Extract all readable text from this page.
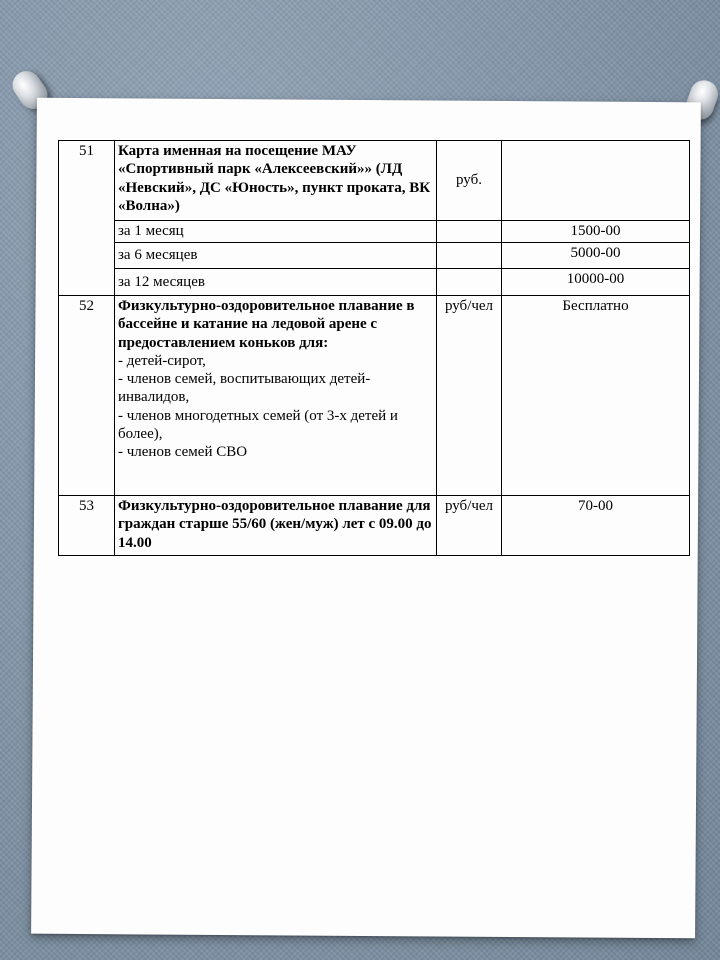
51	Карта именная на посещение МАУ «Спортивный парк «Алексеевский»» (ЛД «Невский», ДС «Юность», пункт проката, ВК «Волна»)	руб.	
	за 1 месяц		1500-00
	за 6 месяцев		5000-00
	за 12 месяцев		10000-00
52	Физкультурно-оздоровительное плавание в бассейне и катание на ледовой арене с предоставлением коньков для:
- детей-сирот,
- членов семей, воспитывающих детей-инвалидов,
- членов многодетных семей (от 3-х детей и более),
- членов семей СВО	руб/чел	Бесплатно
53	Физкультурно-оздоровительное плавание для граждан старше 55/60 (жен/муж) лет с 09.00 до 14.00	руб/чел	70-00
